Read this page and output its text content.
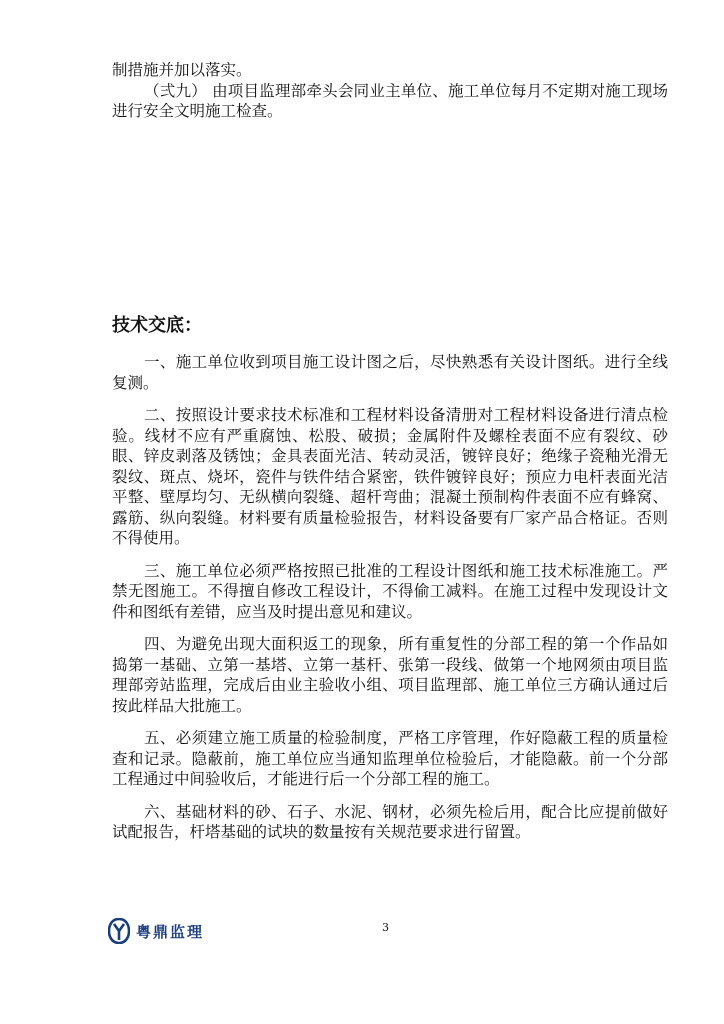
制措施并加以落实。

（弍九） 由项目监理部牵头会同业主单位、施工单位每月不定期对施工现场进行安全文明施工检查。

技术交底：

一、施工单位收到项目施工设计图之后，尽快熟悉有关设计图纸。进行全线复测。

二、按照设计要求技术标准和工程材料设备清册对工程材料设备进行清点检验。线材不应有严重腐蚀、松股、破损；金属附件及螺栓表面不应有裂纹、砂眼、锌皮剥落及锈蚀；金具表面光洁、转动灵活，镀锌良好；绝缘子瓷釉光滑无裂纹、斑点、烧坏，瓷件与铁件结合紧密，铁件镀锌良好；预应力电杆表面光洁平整、壁厚均匀、无纵横向裂缝、超杆弯曲；混凝土预制构件表面不应有蜂窝、露筋、纵向裂缝。材料要有质量检验报告，材料设备要有厂家产品合格证。否则不得使用。

三、施工单位必须严格按照已批准的工程设计图纸和施工技术标准施工。严禁无图施工。不得擅自修改工程设计，不得偷工减料。在施工过程中发现设计文件和图纸有差错，应当及时提出意见和建议。

四、为避免出现大面积返工的现象，所有重复性的分部工程的第一个作品如捣第一基础、立第一基塔、立第一基杆、张第一段线、做第一个地网须由项目监理部旁站监理，完成后由业主验收小组、项目监理部、施工单位三方确认通过后按此样品大批施工。

五、必须建立施工质量的检验制度，严格工序管理，作好隐蔽工程的质量检查和记录。隐蔽前，施工单位应当通知监理单位检验后，才能隐蔽。前一个分部工程通过中间验收后，才能进行后一个分部工程的施工。

六、基础材料的砂、石子、水泥、钢材，必须先检后用，配合比应提前做好试配报告，杆塔基础的试块的数量按有关规范要求进行留置。

粤鼎监理	3
